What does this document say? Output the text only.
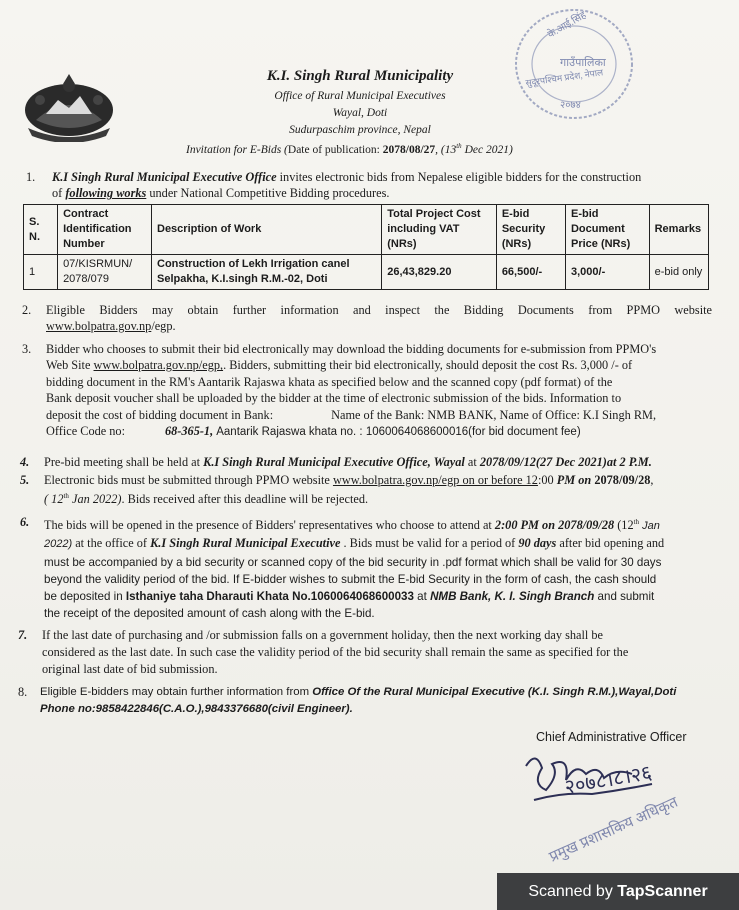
के.आई.सिंह
गाउँपालिका
सुदूरपश्चिम प्रदेश, नेपाल
२०७४
K.I. Singh Rural Municipality
Office of Rural Municipal Executives
Wayal, Doti
Sudurpaschim province, Nepal
Invitation for E-Bids (Date of publication: 2078/08/27, (13th Dec 2021)
1. K.I Singh Rural Municipal Executive Office invites electronic bids from Nepalese eligible bidders for the construction
of following works under National Competitive Bidding procedures.
S. N.	Contract Identification Number	Description of Work	Total Project Cost including VAT (NRs)	E-bid Security (NRs)	E-bid Document Price (NRs)	Remarks
1	07/KISRMUN/ 2078/079	Construction of Lekh Irrigation canel Selpakha, K.I.singh R.M.-02, Doti	26,43,829.20	66,500/-	3,000/-	e-bid only
2. Eligible Bidders may obtain further information and inspect the Bidding Documents from PPMO website
www.bolpatra.gov.np/egp.
3. Bidder who chooses to submit their bid electronically may download the bidding documents for e-submission from PPMO's
Web Site www.bolpatra.gov.np/egp,. Bidders, submitting their bid electronically, should deposit the cost Rs. 3,000 /- of
bidding document in the RM's Aantarik Rajaswa khata as specified below and the scanned copy (pdf format) of the
Bank deposit voucher shall be uploaded by the bidder at the time of electronic submission of the bids. Information to
deposit the cost of bidding document in Bank:	Name of the Bank: NMB BANK, Name of Office: K.I Singh RM,
Office Code no:	68-365-1, Aantarik Rajaswa khata no. : 1060064068600016(for bid document fee)
4. Pre-bid meeting shall be held at K.I Singh Rural Municipal Executive Office, Wayal at 2078/09/12(27 Dec 2021)at 2 P.M.
5. Electronic bids must be submitted through PPMO website www.bolpatra.gov.np/egp on or before 12:00 PM on 2078/09/28,
( 12th Jan 2022). Bids received after this deadline will be rejected.
6. The bids will be opened in the presence of Bidders' representatives who choose to attend at 2:00 PM on 2078/09/28 (12th Jan
2022) at the office of K.I Singh Rural Municipal Executive . Bids must be valid for a period of 90 days after bid opening and
must be accompanied by a bid security or scanned copy of the bid security in .pdf format which shall be valid for 30 days
beyond the validity period of the bid. If E-bidder wishes to submit the E-bid Security in the form of cash, the cash should
be deposited in Isthaniye taha Dharauti Khata No.1060064068600033 at NMB Bank, K. I. Singh Branch and submit
the receipt of the deposited amount of cash along with the E-bid.
7. If the last date of purchasing and /or submission falls on a government holiday, then the next working day shall be
considered as the last date. In such case the validity period of the bid security shall remain the same as specified for the
original last date of bid submission.
8. Eligible E-bidders may obtain further information from Office Of the Rural Municipal Executive (K.I. Singh R.M.),Wayal,Doti
Phone no:9858422846(C.A.O.),9843376680(civil Engineer).
Chief Administrative Officer
२०७८।८।२६
प्रमुख प्रशासकिय अधिकृत
Scanned by TapScanner
